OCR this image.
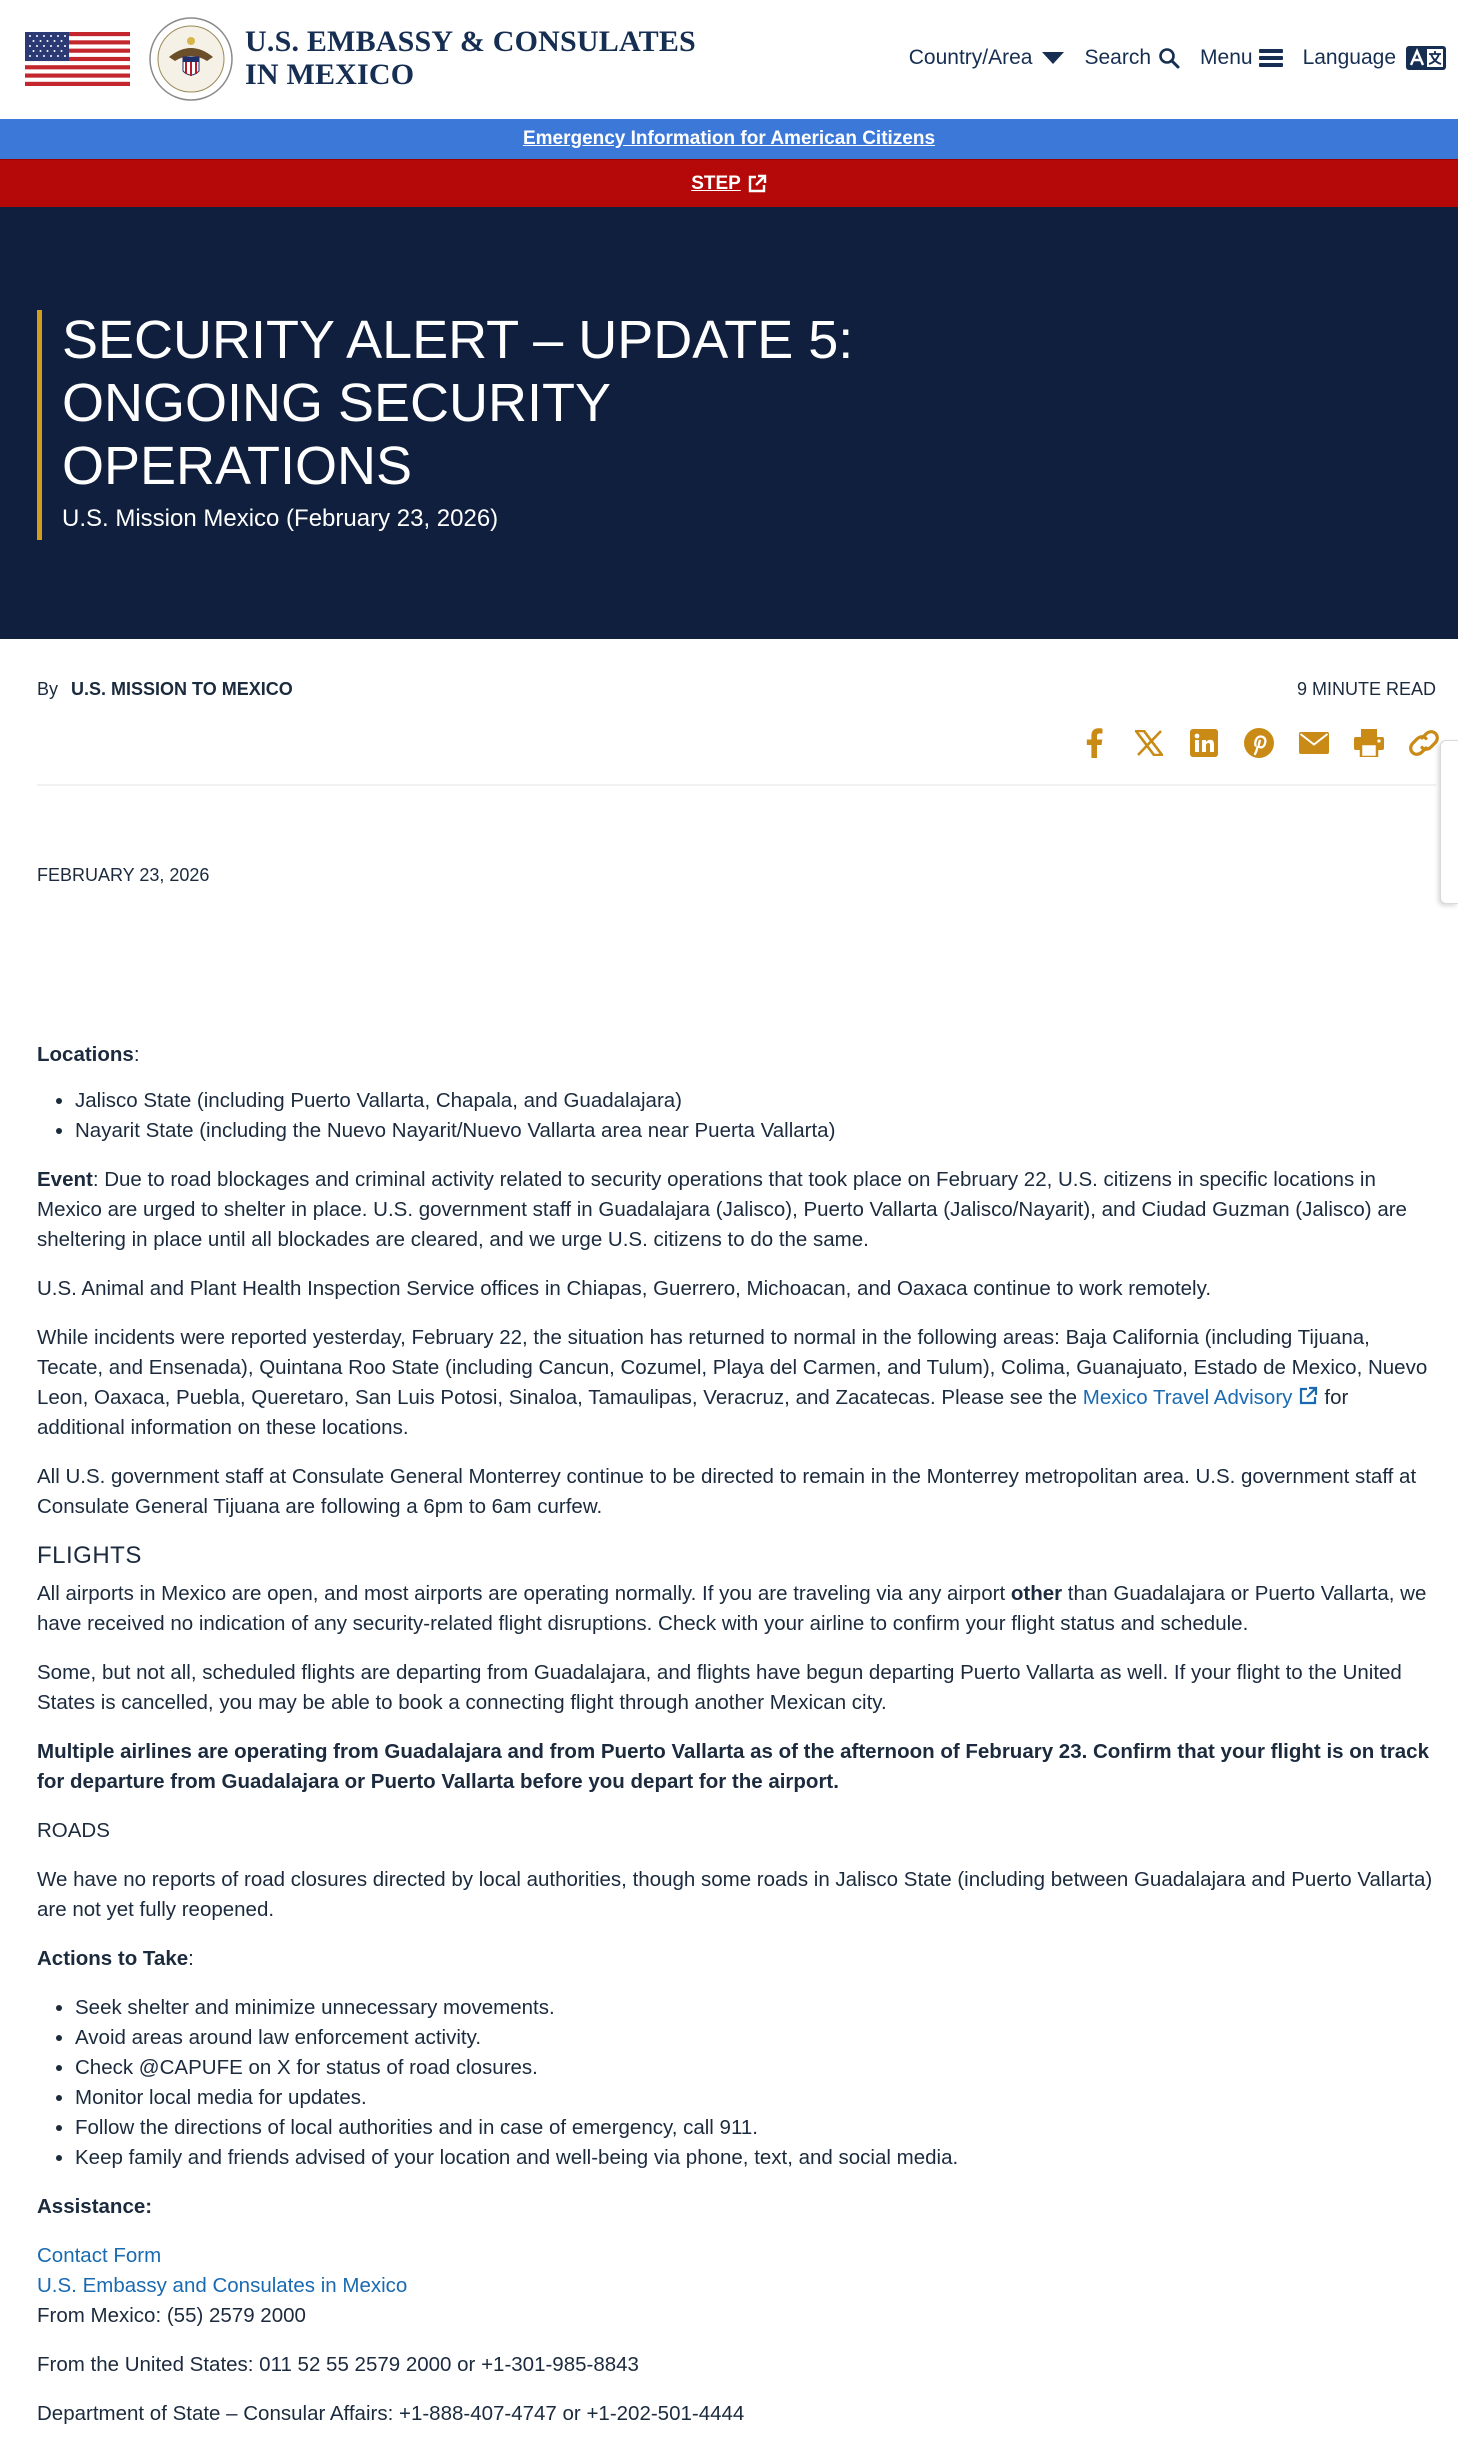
U.S. EMBASSY & CONSULATES IN MEXICO
Country/Area Search Menu Language
Emergency Information for American Citizens
STEP
SECURITY ALERT – UPDATE 5: ONGOING SECURITY OPERATIONS
U.S. Mission Mexico (February 23, 2026)
By U.S. MISSION TO MEXICO	9 MINUTE READ
FEBRUARY 23, 2026

Locations:

• Jalisco State (including Puerto Vallarta, Chapala, and Guadalajara)
• Nayarit State (including the Nuevo Nayarit/Nuevo Vallarta area near Puerta Vallarta)

Event: Due to road blockages and criminal activity related to security operations that took place on February 22, U.S. citizens in specific locations in Mexico are urged to shelter in place. U.S. government staff in Guadalajara (Jalisco), Puerto Vallarta (Jalisco/Nayarit), and Ciudad Guzman (Jalisco) are sheltering in place until all blockades are cleared, and we urge U.S. citizens to do the same.

U.S. Animal and Plant Health Inspection Service offices in Chiapas, Guerrero, Michoacan, and Oaxaca continue to work remotely.

While incidents were reported yesterday, February 22, the situation has returned to normal in the following areas: Baja California (including Tijuana, Tecate, and Ensenada), Quintana Roo State (including Cancun, Cozumel, Playa del Carmen, and Tulum), Colima, Guanajuato, Estado de Mexico, Nuevo Leon, Oaxaca, Puebla, Queretaro, San Luis Potosi, Sinaloa, Tamaulipas, Veracruz, and Zacatecas. Please see the Mexico Travel Advisory for additional information on these locations.

All U.S. government staff at Consulate General Monterrey continue to be directed to remain in the Monterrey metropolitan area. U.S. government staff at Consulate General Tijuana are following a 6pm to 6am curfew.

FLIGHTS

All airports in Mexico are open, and most airports are operating normally. If you are traveling via any airport other than Guadalajara or Puerto Vallarta, we have received no indication of any security-related flight disruptions. Check with your airline to confirm your flight status and schedule.

Some, but not all, scheduled flights are departing from Guadalajara, and flights have begun departing Puerto Vallarta as well. If your flight to the United States is cancelled, you may be able to book a connecting flight through another Mexican city.

Multiple airlines are operating from Guadalajara and from Puerto Vallarta as of the afternoon of February 23. Confirm that your flight is on track for departure from Guadalajara or Puerto Vallarta before you depart for the airport.

ROADS

We have no reports of road closures directed by local authorities, though some roads in Jalisco State (including between Guadalajara and Puerto Vallarta) are not yet fully reopened.

Actions to Take:

• Seek shelter and minimize unnecessary movements.
• Avoid areas around law enforcement activity.
• Check @CAPUFE on X for status of road closures.
• Monitor local media for updates.
• Follow the directions of local authorities and in case of emergency, call 911.
• Keep family and friends advised of your location and well-being via phone, text, and social media.

Assistance:

Contact Form
U.S. Embassy and Consulates in Mexico
From Mexico: (55) 2579 2000

From the United States: 011 52 55 2579 2000 or +1-301-985-8843

Department of State – Consular Affairs: +1-888-407-4747 or +1-202-501-4444
